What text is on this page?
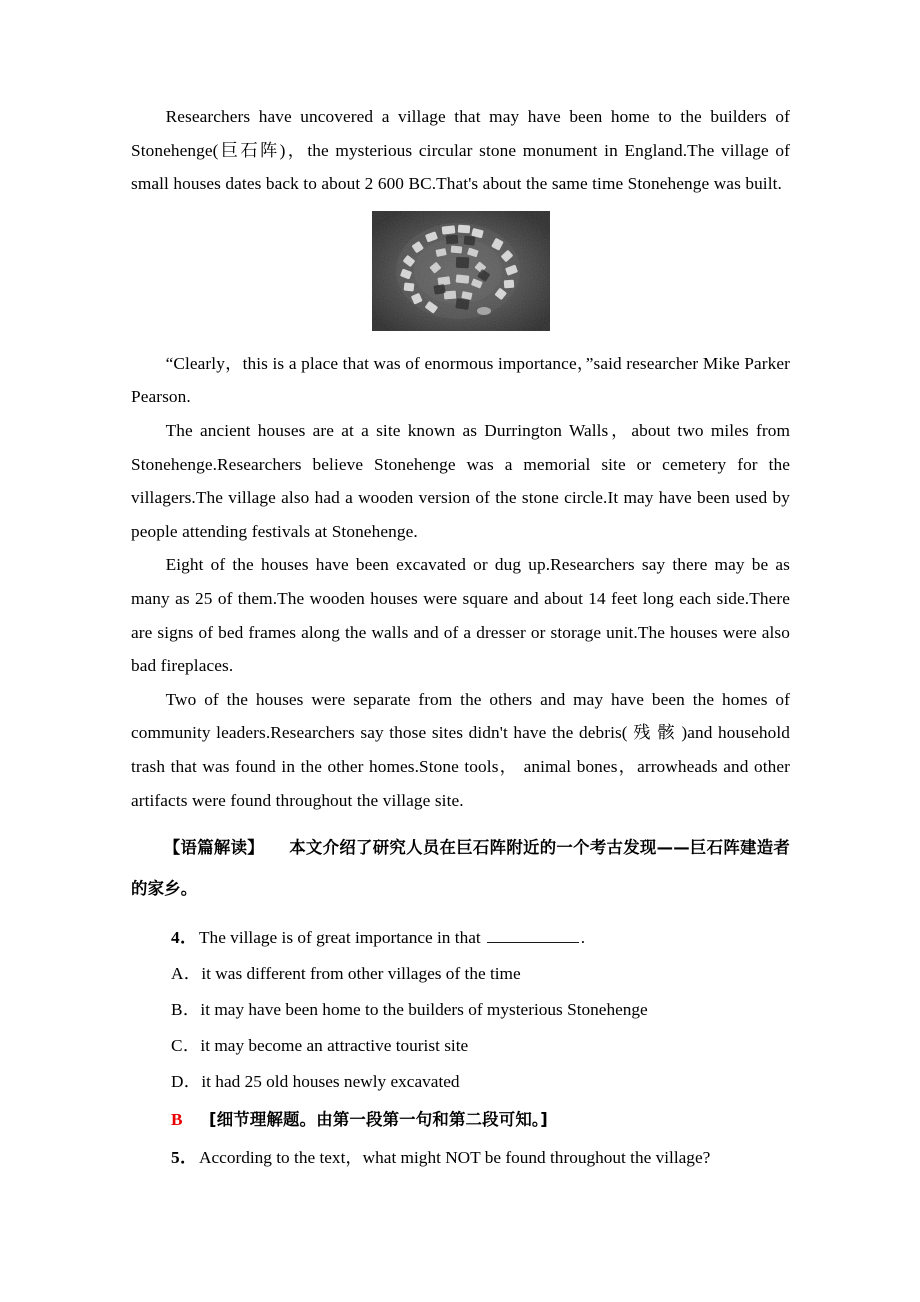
Researchers have uncovered a village that may have been home to the builders of Stonehenge(巨石阵)，the mysterious circular stone monument in England.The village of small houses dates back to about 2 600 BC.That's about the same time Stonehenge was built.

“Clearly，this is a place that was of enormous importance，”said researcher Mike Parker Pearson.

The ancient houses are at a site known as Durrington Walls，about two miles from Stonehenge.Researchers believe Stonehenge was a memorial site or cemetery for the villagers.The village also had a wooden version of the stone circle.It may have been used by people attending festivals at Stonehenge.

Eight of the houses have been excavated or dug up.Researchers say there may be as many as 25 of them.The wooden houses were square and about 14 feet long each side.There are signs of bed frames along the walls and of a dresser or storage unit.The houses were also bad fireplaces.

Two of the houses were separate from the others and may have been the homes of community leaders.Researchers say those sites didn't have the debris( 残 骸 )and household trash that was found in the other homes.Stone tools， animal bones，arrowheads and other artifacts were found throughout the village site.

【语篇解读】　　 本文介绍了研究人员在巨石阵附近的一个考古发现——巨石阵建造者的家乡。

4． The village is of great importance in that	.
A． it was different from other villages of the time
B． it may have been home to the builders of mysterious Stonehenge
C． it may become an attractive tourist site
D． it had 25 old houses newly excavated
B	[细节理解题。由第一段第一句和第二段可知。]
5． According to the text，what might NOT be found throughout the village?
